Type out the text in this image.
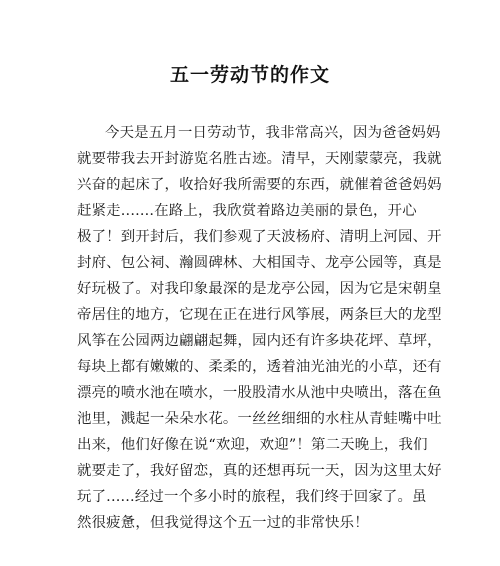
五一劳动节的作文
今天是五月一日劳动节，我非常高兴，因为爸爸妈妈
就要带我去开封游览名胜古迹。清早，天刚蒙蒙亮，我就
兴奋的起床了，收拾好我所需要的东西，就催着爸爸妈妈
赶紧走.......在路上，我欣赏着路边美丽的景色，开心
极了！到开封后，我们参观了天波杨府、清明上河园、开
封府、包公祠、瀚圆碑林、大相国寺、龙亭公园等，真是
好玩极了。对我印象最深的是龙亭公园，因为它是宋朝皇
帝居住的地方，它现在正在进行风筝展，两条巨大的龙型
风筝在公园两边翩翩起舞，园内还有许多块花坪、草坪，
每块上都有嫩嫩的、柔柔的，透着油光油光的小草，还有
漂亮的喷水池在喷水，一股股清水从池中央喷出，落在鱼
池里，溅起一朵朵水花。一丝丝细细的水柱从青蛙嘴中吐
出来，他们好像在说“欢迎，欢迎”！第二天晚上，我们
就要走了，我好留恋，真的还想再玩一天，因为这里太好
玩了......经过一个多小时的旅程，我们终于回家了。虽
然很疲惫，但我觉得这个五一过的非常快乐！
